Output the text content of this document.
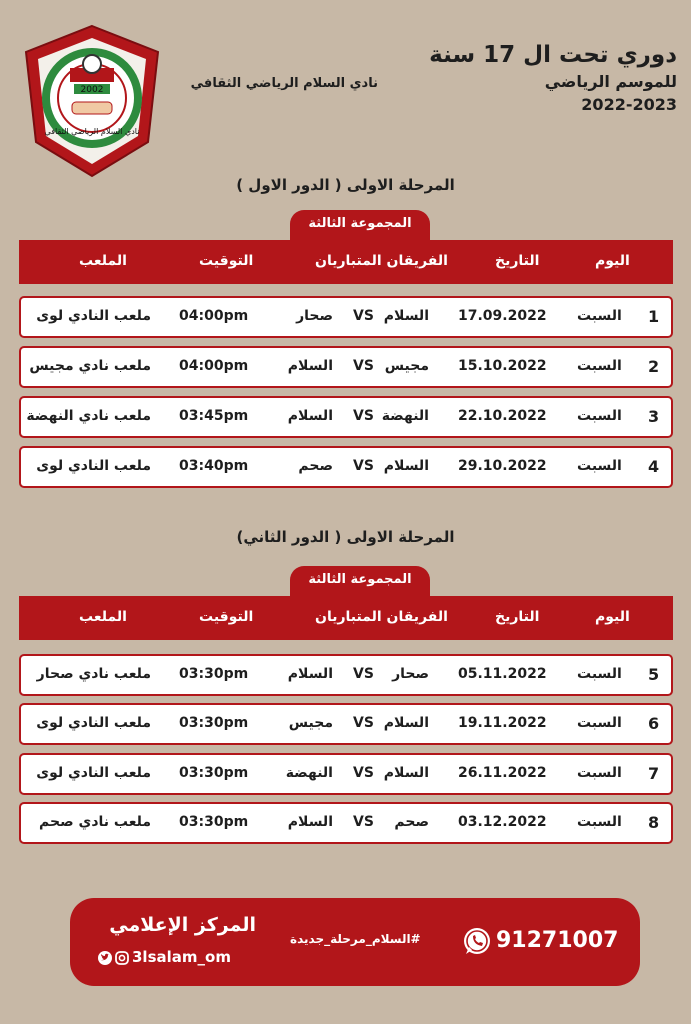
2002
نادي السلام الرياضي الثقافي
نادي السلام الرياضي الثقافي
دوري تحت ال 17 سنة
للموسم الرياضي
2022-2023
المرحلة الاولى ( الدور الاول )
المجموعة الثالثة
اليوم
التاريخ
الفريقان المتباريان
التوقيت
الملعب
1
السبت
17.09.2022
السلام
VS
صحار
04:00pm
ملعب النادي لوى
2
السبت
15.10.2022
مجيس
VS
السلام
04:00pm
ملعب نادي مجيس
3
السبت
22.10.2022
النهضة
VS
السلام
03:45pm
ملعب نادي النهضة
4
السبت
29.10.2022
السلام
VS
صحم
03:40pm
ملعب النادي لوى
المرحلة الاولى ( الدور الثاني)
المجموعة الثالثة
اليوم
التاريخ
الفريقان المتباريان
التوقيت
الملعب
5
السبت
05.11.2022
صحار
VS
السلام
03:30pm
ملعب نادي صحار
6
السبت
19.11.2022
السلام
VS
مجيس
03:30pm
ملعب النادي لوى
7
السبت
26.11.2022
السلام
VS
النهضة
03:30pm
ملعب النادي لوى
8
السبت
03.12.2022
صحم
VS
السلام
03:30pm
ملعب نادي صحم
المركز الإعلامي
3lsalam_om
#السلام_مرحلة_جديدة	91271007
